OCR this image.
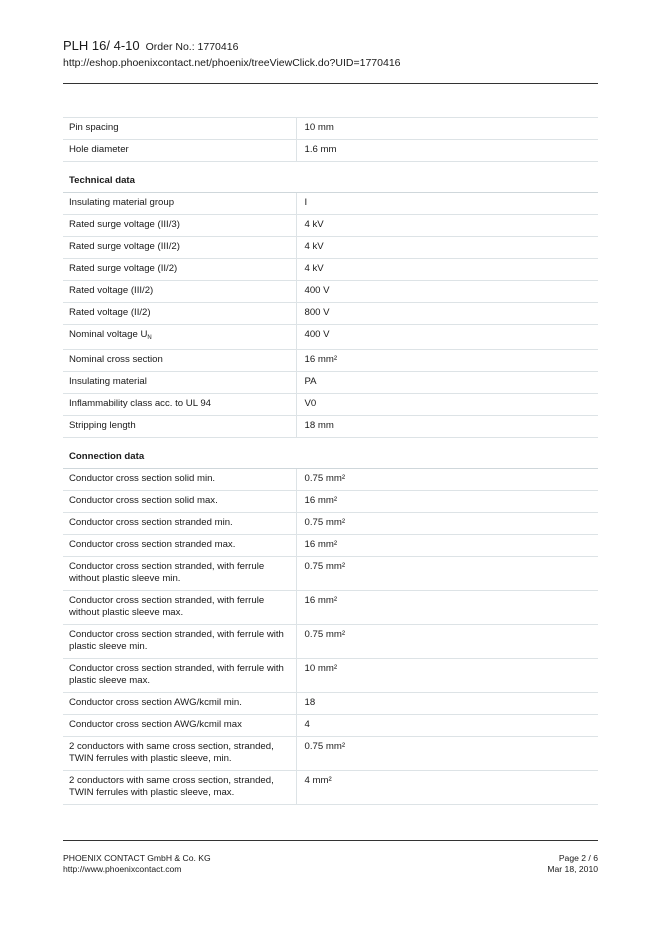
PLH 16/ 4-10 Order No.: 1770416
http://eshop.phoenixcontact.net/phoenix/treeViewClick.do?UID=1770416
Pin spacing	10 mm
Hole diameter	1.6 mm
Technical data	
Insulating material group	I
Rated surge voltage (III/3)	4 kV
Rated surge voltage (III/2)	4 kV
Rated surge voltage (II/2)	4 kV
Rated voltage (III/2)	400 V
Rated voltage (II/2)	800 V
Nominal voltage $U_N$	400 V
Nominal cross section	16 mm²
Insulating material	PA
Inflammability class acc. to UL 94	V0
Stripping length	18 mm
Connection data	
Conductor cross section solid min.	0.75 mm²
Conductor cross section solid max.	16 mm²
Conductor cross section stranded min.	0.75 mm²
Conductor cross section stranded max.	16 mm²
Conductor cross section stranded, with ferrule without plastic sleeve min.	0.75 mm²
Conductor cross section stranded, with ferrule without plastic sleeve max.	16 mm²
Conductor cross section stranded, with ferrule with plastic sleeve min.	0.75 mm²
Conductor cross section stranded, with ferrule with plastic sleeve max.	10 mm²
Conductor cross section AWG/kcmil min.	18
Conductor cross section AWG/kcmil max	4
2 conductors with same cross section, stranded, TWIN ferrules with plastic sleeve, min.	0.75 mm²
2 conductors with same cross section, stranded, TWIN ferrules with plastic sleeve, max.	4 mm²
PHOENIX CONTACT GmbH & Co. KG
http://www.phoenixcontact.com
Page 2 / 6
Mar 18, 2010
